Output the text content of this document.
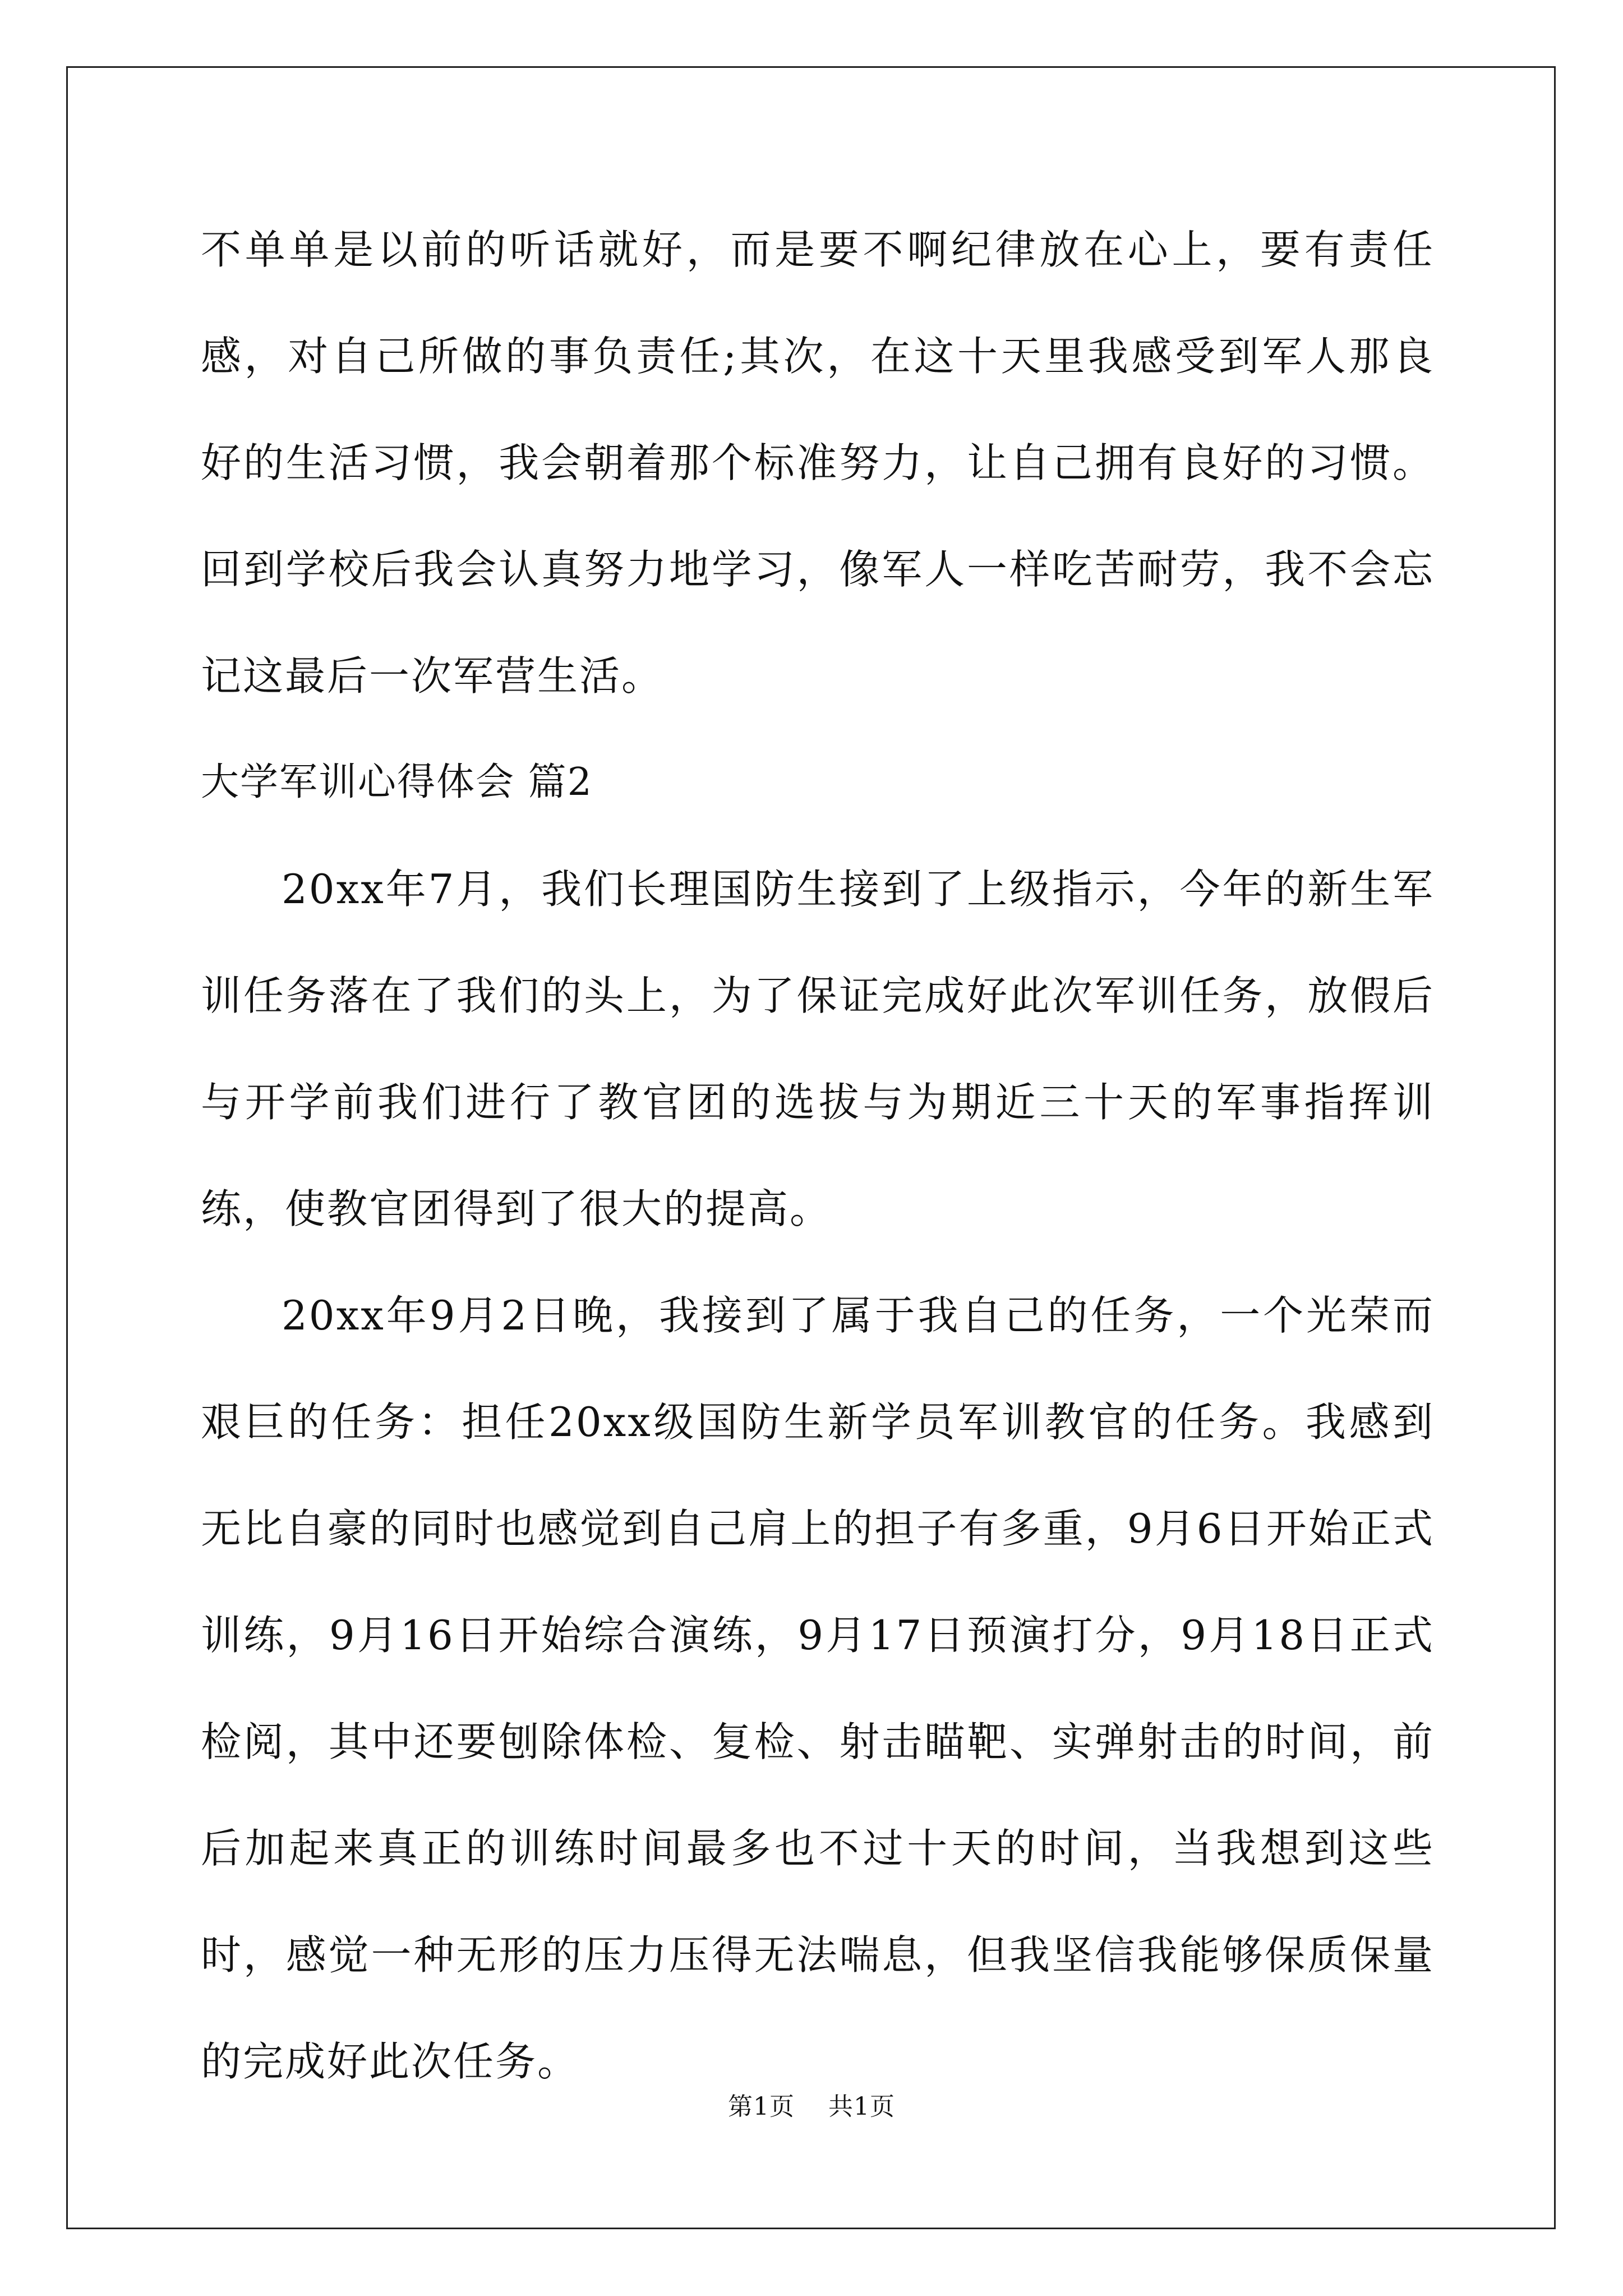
不单单是以前的听话就好，而是要不啊纪律放在心上，要有责任感，对自己所做的事负责任;其次，在这十天里我感受到军人那良好的生活习惯，我会朝着那个标准努力，让自己拥有良好的习惯。回到学校后我会认真努力地学习，像军人一样吃苦耐劳，我不会忘记这最后一次军营生活。

大学军训心得体会 篇2

20xx年7月，我们长理国防生接到了上级指示，今年的新生军训任务落在了我们的头上，为了保证完成好此次军训任务，放假后与开学前我们进行了教官团的选拔与为期近三十天的军事指挥训练，使教官团得到了很大的提高。

20xx年9月2日晚，我接到了属于我自己的任务，一个光荣而艰巨的任务：担任20xx级国防生新学员军训教官的任务。我感到无比自豪的同时也感觉到自己肩上的担子有多重，9月6日开始正式训练，9月16日开始综合演练，9月17日预演打分，9月18日正式检阅，其中还要刨除体检、复检、射击瞄靶、实弹射击的时间，前后加起来真正的训练时间最多也不过十天的时间，当我想到这些时，感觉一种无形的压力压得无法喘息，但我坚信我能够保质保量的完成好此次任务。

第1页 共1页
